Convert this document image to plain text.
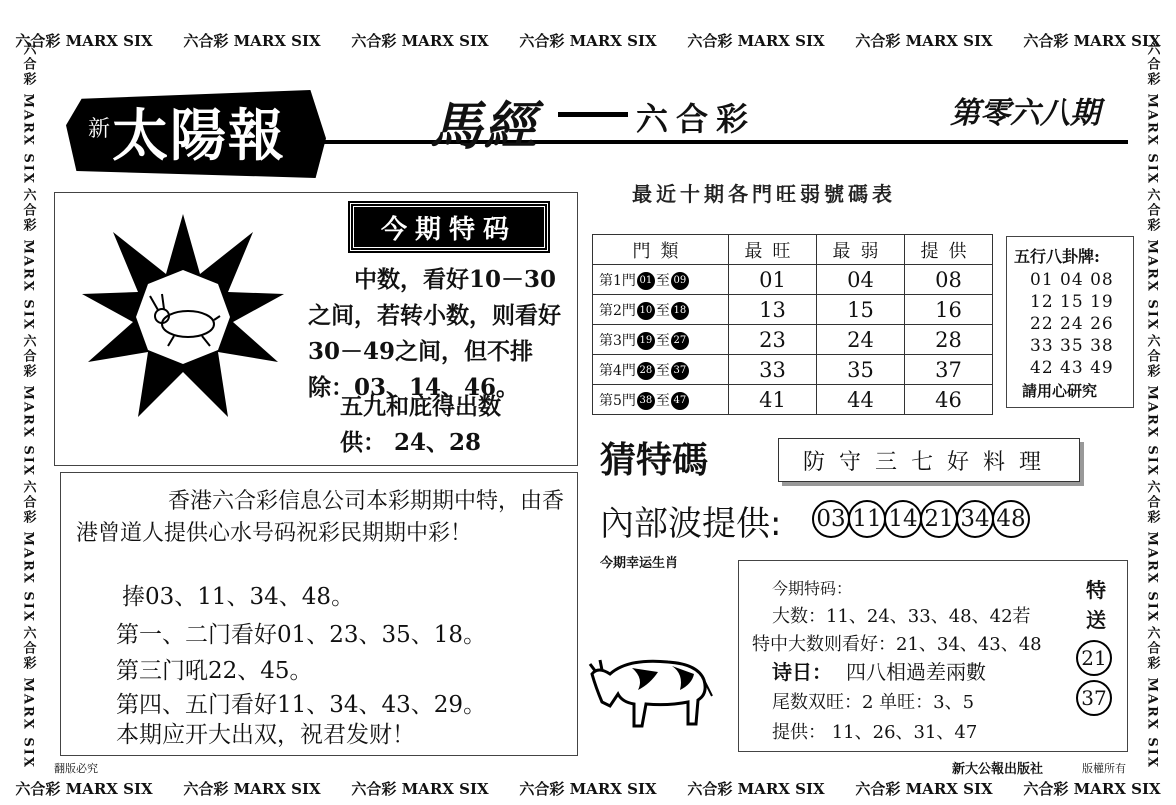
六合彩 MARX SIX 六合彩 MARX SIX 六合彩 MARX SIX 六合彩 MARX SIX 六合彩 MARX SIX 六合彩 MARX SIX 六合彩 MARX SIX
六合彩 MARX SIX 六合彩 MARX SIX 六合彩 MARX SIX 六合彩 MARX SIX 六合彩 MARX SIX 六合彩 MARX SIX 六合彩 MARX SIX
六合彩 MARX SIX
六合彩 MARX SIX
六合彩 MARX SIX
六合彩 MARX SIX
六合彩 MARX SIX
六合彩 MARX SIX
六合彩 MARX SIX
六合彩 MARX SIX
六合彩 MARX SIX
六合彩 MARX SIX
新 太陽報	馬經	六合彩	第零六八期
今期特码
中数，看好10－30之间，若转小数，则看好30－49之间，但不排除：03、14、46。
五九和庇得出数
供： 24、28
香港六合彩信息公司本彩期期中特，由香港曾道人提供心水号码祝彩民期期中彩！
捧03、11、34、48。
第一、二门看好01、23、35、18。
第三门吼22、45。
第四、五门看好11、34、43、29。
本期应开大出双，祝君发财！
最近十期各門旺弱號碼表
門類	最旺	最弱	提供
第1門 01 至 09	01	04	08
第2門 10 至 18	13	15	16
第3門 19 至 27	23	24	28
第4門 28 至 37	33	35	37
第5門 38 至 47	41	44	46
五行八卦牌:
01 04 08
12 15 19
22 24 26
33 35 38
42 43 49
請用心研究
猜特碼	防守三七好料理
內部波提供: 03 11 14 21 34 48
今期幸运生肖
今期特码：
大数：11、24、33、48、42若
特中大数则看好：21、34、43、48
诗日： 四八相過差兩數
尾数双旺：2 单旺：3、5
提供： 11、26、31、47
特
送
21
37
翻版必究	新大公報出版社	版權所有
